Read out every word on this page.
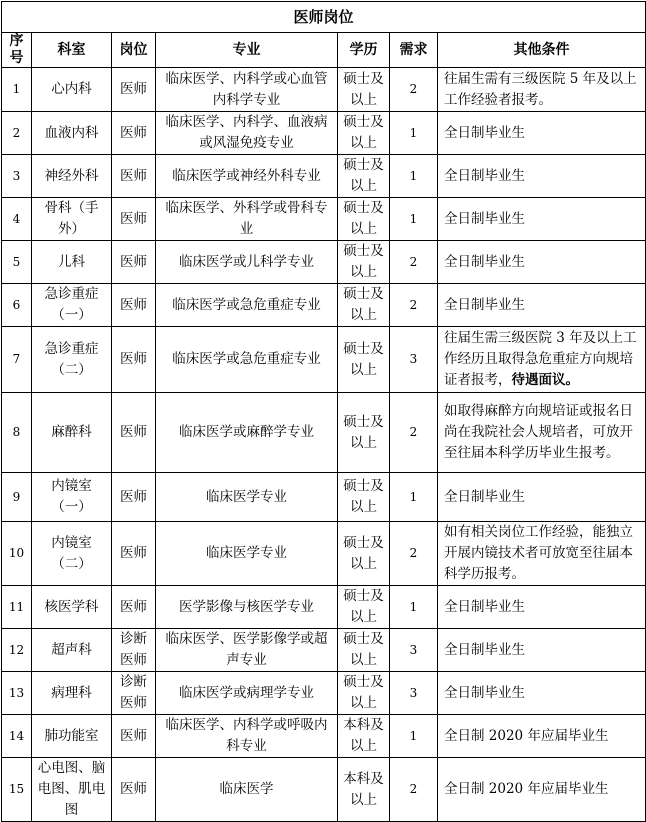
医师岗位						
序号	科室	岗位	专业	学历	需求	其他条件
1	心内科	医师	临床医学、内科学或心血管内科学专业	硕士及以上	2	往届生需有三级医院 5 年及以上工作经验者报考。
2	血液内科	医师	临床医学、内科学、血液病或风湿免疫专业	硕士及以上	1	全日制毕业生
3	神经外科	医师	临床医学或神经外科专业	硕士及以上	1	全日制毕业生
4	骨科（手外）	医师	临床医学、外科学或骨科专业	硕士及以上	1	全日制毕业生
5	儿科	医师	临床医学或儿科学专业	硕士及以上	2	全日制毕业生
6	急诊重症（一）	医师	临床医学或急危重症专业	硕士及以上	2	全日制毕业生
7	急诊重症（二）	医师	临床医学或急危重症专业	硕士及以上	3	往届生需三级医院 3 年及以上工作经历且取得急危重症方向规培证者报考，待遇面议。
8	麻醉科	医师	临床医学或麻醉学专业	硕士及以上	2	如取得麻醉方向规培证或报名日尚在我院社会人规培者，可放开至往届本科学历毕业生报考。
9	内镜室（一）	医师	临床医学专业	硕士及以上	1	全日制毕业生
10	内镜室（二）	医师	临床医学专业	硕士及以上	2	如有相关岗位工作经验，能独立开展内镜技术者可放宽至往届本科学历报考。
11	核医学科	医师	医学影像与核医学专业	硕士及以上	1	全日制毕业生
12	超声科	诊断医师	临床医学、医学影像学或超声专业	硕士及以上	3	全日制毕业生
13	病理科	诊断医师	临床医学或病理学专业	硕士及以上	3	全日制毕业生
14	肺功能室	医师	临床医学、内科学或呼吸内科专业	本科及以上	1	全日制 2020 年应届毕业生
15	心电图、脑电图、肌电图	医师	临床医学	本科及以上	2	全日制 2020 年应届毕业生
